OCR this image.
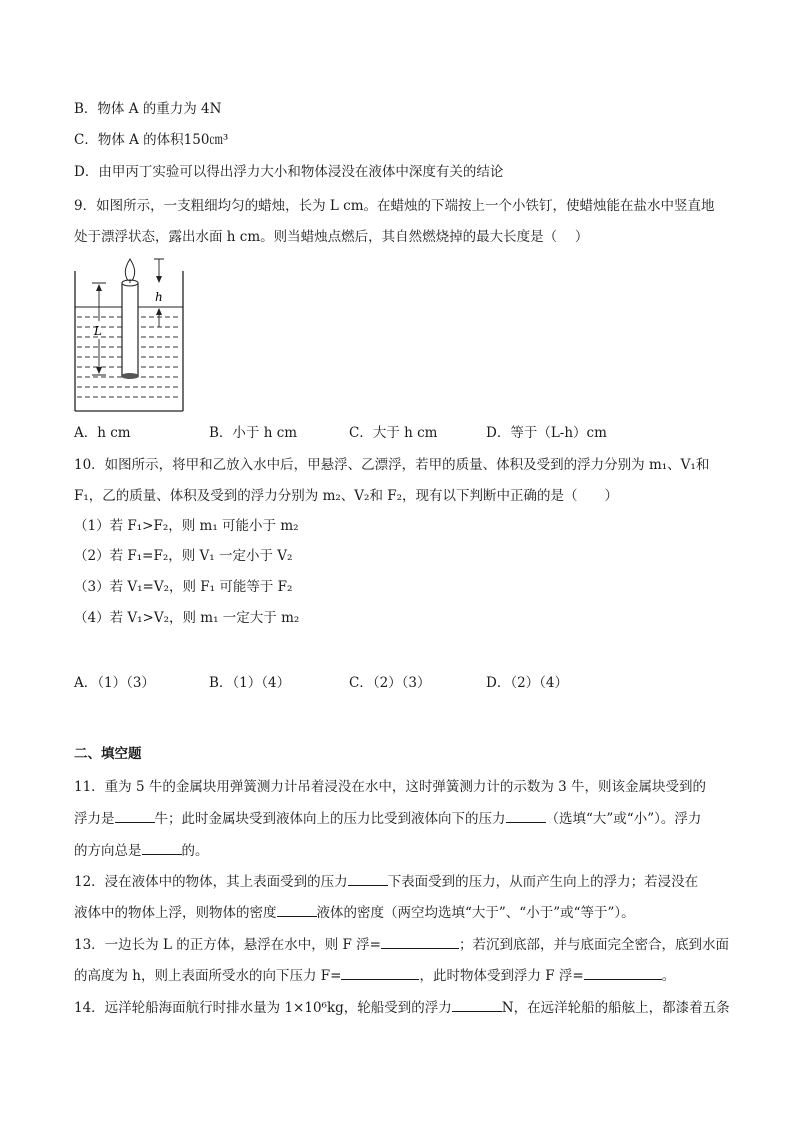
B．物体 A 的重力为 4N
C．物体 A 的体积150㎝³
D．由甲丙丁实验可以得出浮力大小和物体浸没在液体中深度有关的结论
9．如图所示，一支粗细均匀的蜡烛，长为 L cm。在蜡烛的下端按上一个小铁钉，使蜡烛能在盐水中竖直地
处于漂浮状态，露出水面 h cm。则当蜡烛点燃后，其自然燃烧掉的最大长度是（　 ）
L
h
A．h cm	B．小于 h cm	C．大于 h cm	D．等于（L-h）cm
10．如图所示，将甲和乙放入水中后，甲悬浮、乙漂浮，若甲的质量、体积及受到的浮力分别为 m₁、V₁和
F₁，乙的质量、体积及受到的浮力分别为 m₂、V₂和 F₂，现有以下判断中正确的是（　　）
（1）若 F₁>F₂，则 m₁ 可能小于 m₂
（2）若 F₁=F₂，则 V₁ 一定小于 V₂
（3）若 V₁=V₂，则 F₁ 可能等于 F₂
（4）若 V₁>V₂，则 m₁ 一定大于 m₂
A．（1）（3）	B．（1）（4）	C．（2）（3）	D．（2）（4）
二、填空题
11．重为 5 牛的金属块用弹簧测力计吊着浸没在水中，这时弹簧测力计的示数为 3 牛，则该金属块受到的
浮力是	牛；此时金属块受到液体向上的压力比受到液体向下的压力	（选填“大”或“小”）。浮力
的方向总是	的。
12．浸在液体中的物体，其上表面受到的压力	下表面受到的压力，从而产生向上的浮力；若浸没在
液体中的物体上浮，则物体的密度	液体的密度（两空均选填“大于”、“小于”或“等于”）。
13．一边长为 L 的正方体，悬浮在水中，则 F 浮=	；若沉到底部，并与底面完全密合，底到水面
的高度为 h，则上表面所受水的向下压力 F=	，此时物体受到浮力 F 浮=	。
14．远洋轮船海面航行时排水量为 1×10⁶kg，轮船受到的浮力	N，在远洋轮船的船舷上，都漆着五条
